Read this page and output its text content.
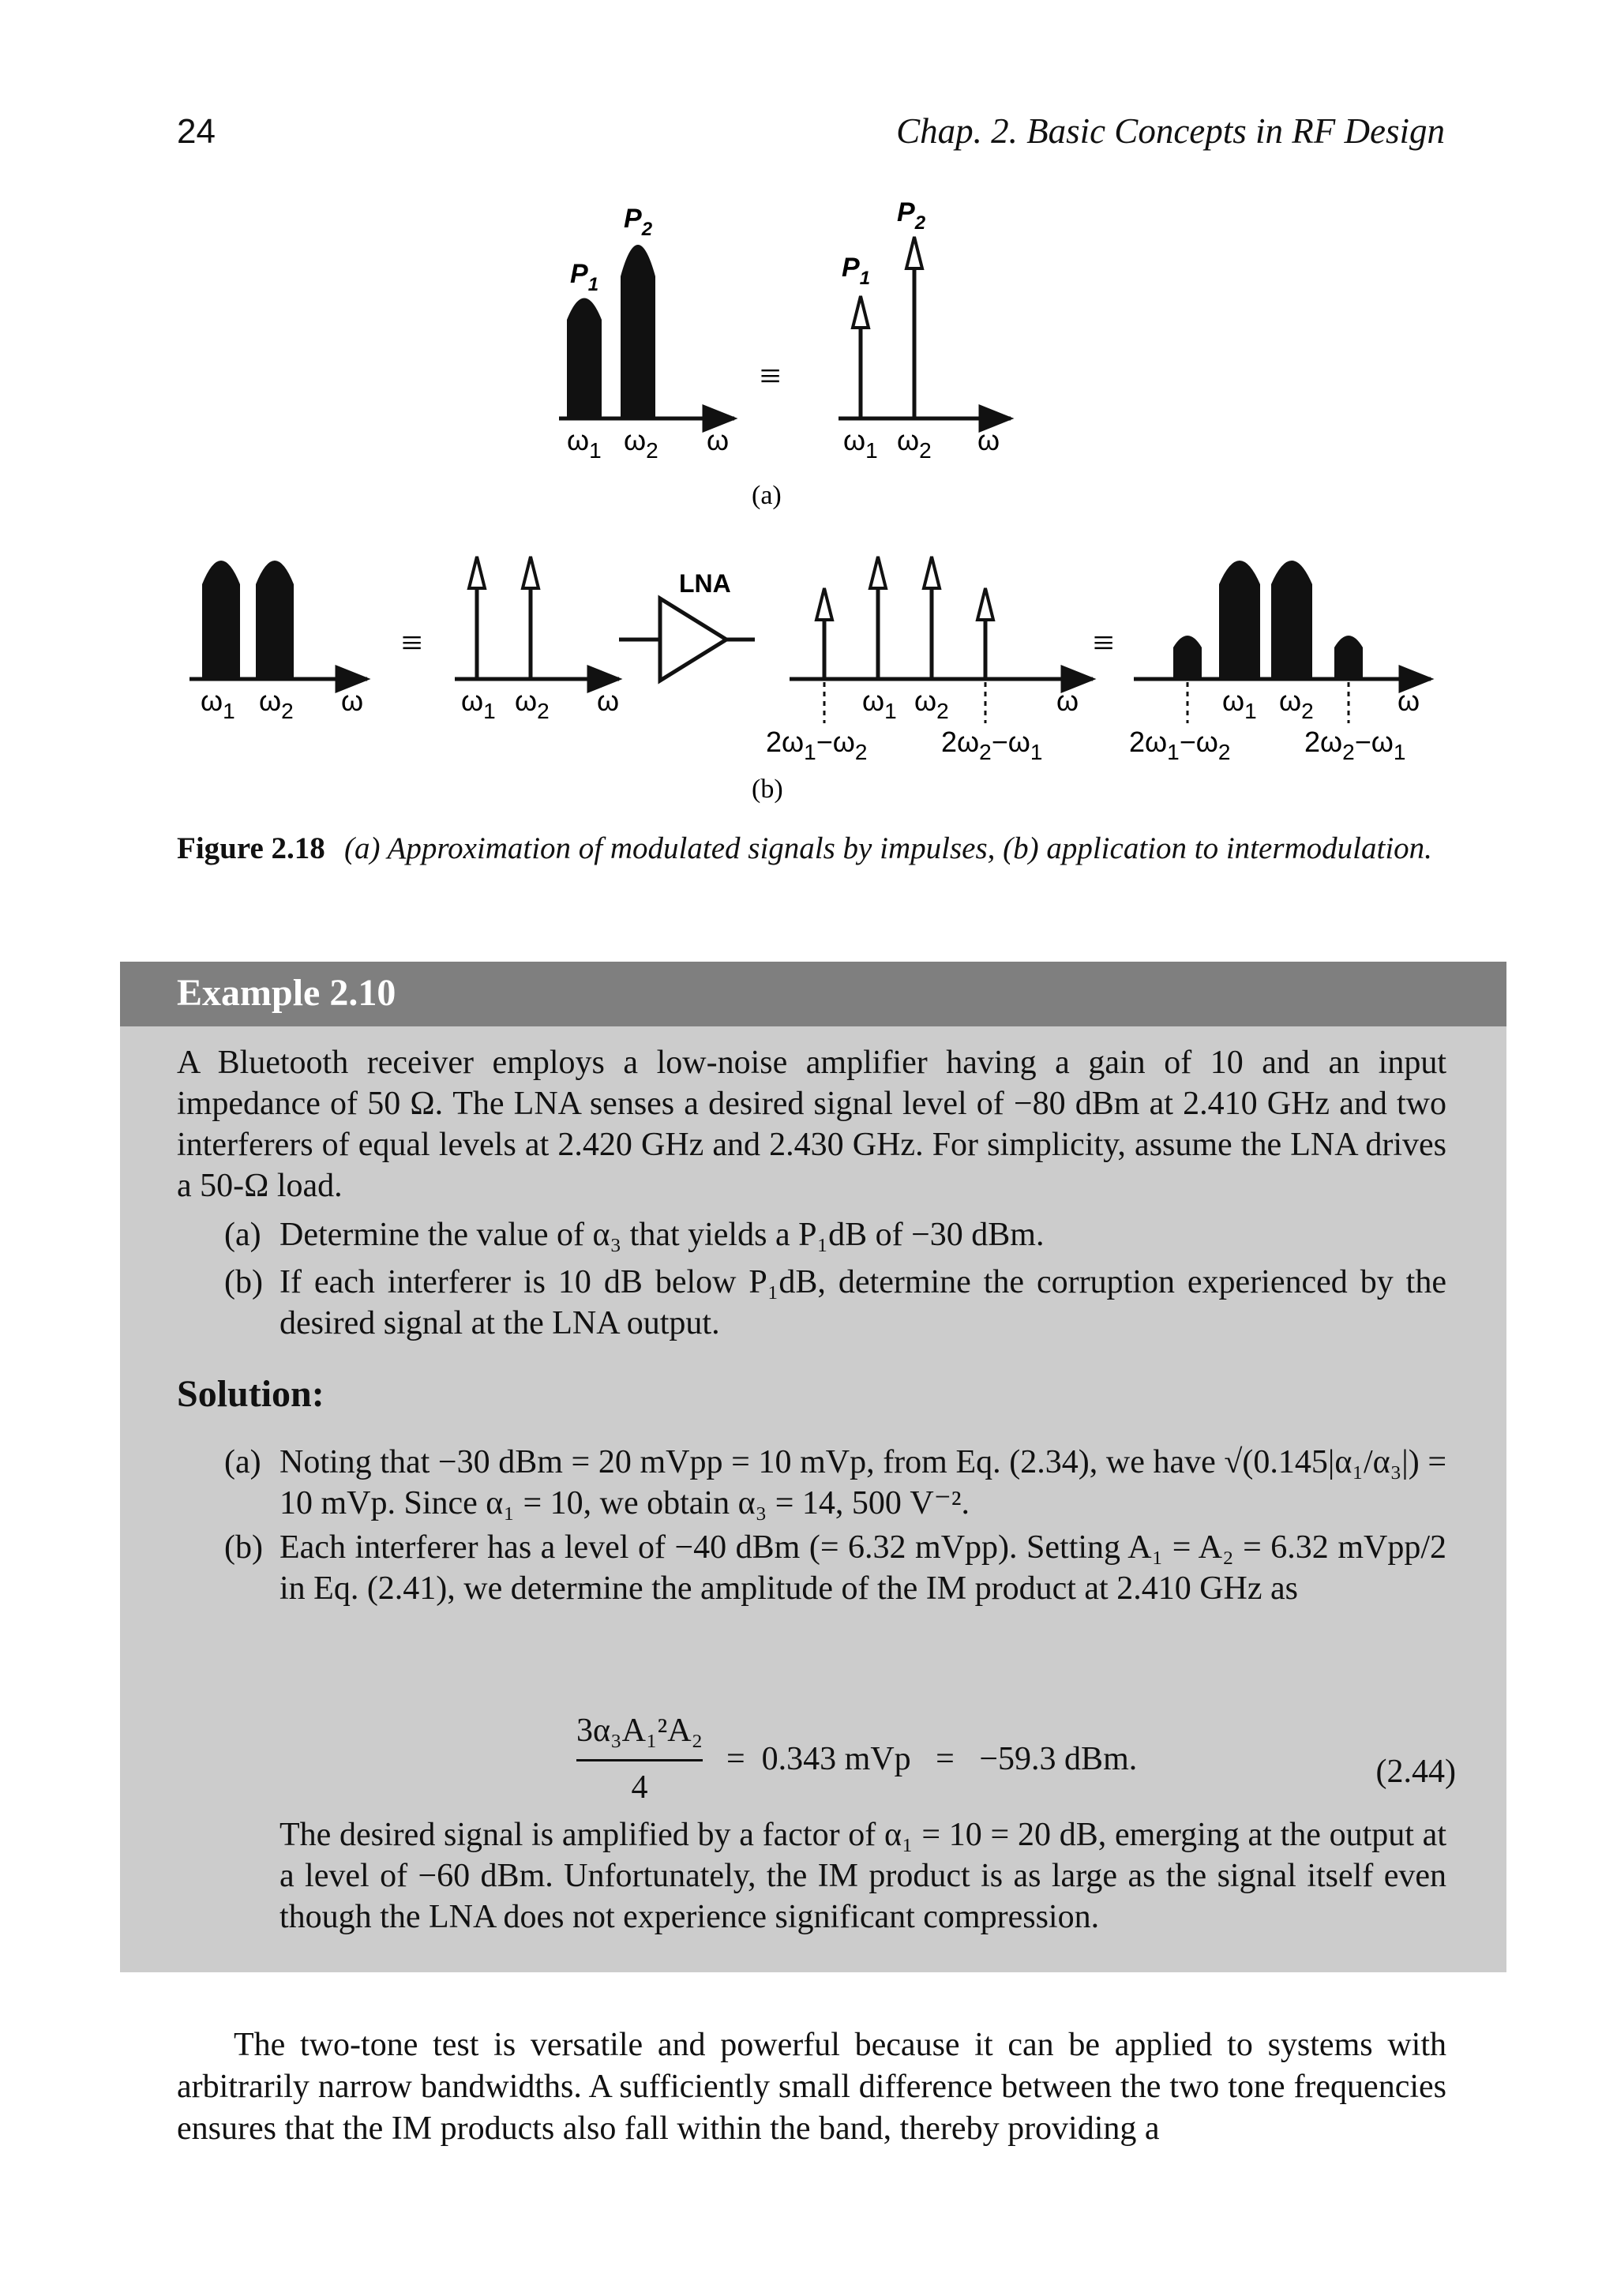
24	Chap. 2. Basic Concepts in RF Design
$P_1$
$P_2$
$\omega_1$ $\omega_2$ ω
≡
$P_1$
$P_2$
$\omega_1$ $\omega_2$ ω
(a)
$\omega_1$ $\omega_2$ ω
≡
$\omega_1$ $\omega_2$ ω
LNA
$\omega_1$ $\omega_2$	ω
$2\omega_1-\omega_2$	$2\omega_2-\omega_1$
≡
$\omega_1$ $\omega_2$	ω
$2\omega_1-\omega_2$	$2\omega_2-\omega_1$
(b)
Figure 2.18 (a) Approximation of modulated signals by impulses, (b) application to intermodulation.
Example 2.10
A Bluetooth receiver employs a low-noise amplifier having a gain of 10 and an input impedance of 50 Ω. The LNA senses a desired signal level of −80 dBm at 2.410 GHz and two interferers of equal levels at 2.420 GHz and 2.430 GHz. For simplicity, assume the LNA drives a 50-Ω load.
(a) Determine the value of α₃ that yields a P₁dB of −30 dBm.
(b) If each interferer is 10 dB below P₁dB, determine the corruption experienced by the desired signal at the LNA output.
Solution:
(a) Noting that −30 dBm = 20 mVpp = 10 mVp, from Eq. (2.34), we have √(0.145|α₁/α₃|) = 10 mVp. Since α₁ = 10, we obtain α₃ = 14, 500 V⁻².
(b) Each interferer has a level of −40 dBm (= 6.32 mVpp). Setting A₁ = A₂ = 6.32 mVpp/2 in Eq. (2.41), we determine the amplitude of the IM product at 2.410 GHz as
3α₃A₁²A₂
4
=  0.343 mVp   =   −59.3 dBm.	(2.44)
The desired signal is amplified by a factor of α₁ = 10 = 20 dB, emerging at the output at a level of −60 dBm. Unfortunately, the IM product is as large as the signal itself even though the LNA does not experience significant compression.
The two-tone test is versatile and powerful because it can be applied to systems with arbitrarily narrow bandwidths. A sufficiently small difference between the two tone frequencies ensures that the IM products also fall within the band, thereby providing a
